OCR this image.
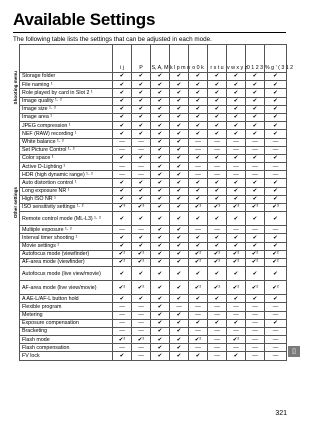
Available Settings
The following table lists the settings that can be adjusted in each mode.
Shooting menu
Other settings
	i j	P	S, A, M	k l p m n	o 0 k	r s t u	v w x y z	0 1 2 3	% g ' ( 3 1 2
Storage folder	✔	✔	✔	✔	✔	✔	✔	✔	✔
File naming ¹	✔	✔	✔	✔	✔	✔	✔	✔	✔
Role played by card in Slot 2 ¹	✔	✔	✔	✔	✔	✔	✔	✔	✔
Image quality ¹· ²	✔	✔	✔	✔	✔	✔	✔	✔	✔
Image size ¹· ²	✔	✔	✔	✔	✔	✔	✔	✔	✔
Image area ¹	✔	✔	✔	✔	✔	✔	✔	✔	✔
JPEG compression ¹	✔	✔	✔	✔	✔	✔	✔	✔	✔
NEF (RAW) recording ¹	✔	✔	✔	✔	✔	✔	✔	✔	✔
White balance ¹· ²	—	—	✔	✔	—	—	—	—	—
Set Picture Control ¹· ²	—	—	✔	✔	—	—	—	—	—
Color space ¹	✔	✔	✔	✔	✔	✔	✔	✔	✔
Active D-Lighting ¹	—	—	✔	✔	—	—	—	—	—
HDR (high dynamic range) ¹· ²	—	—	✔	✔	—	—	—	—	—
Auto distortion control ¹	✔	✔	✔	✔	✔	✔	✔	✔	✔
Long exposure NR ¹	✔	✔	✔	✔	✔	✔	✔	✔	✔
High ISO NR ¹	✔	✔	✔	✔	✔	✔	✔	✔	✔
ISO sensitivity settings ¹· ²	✔³	✔³	✔	✔	✔³	✔³	✔³	✔³	✔³
Remote control mode (ML-L3) ¹· ²	✔	✔	✔	✔	✔	✔	✔	✔	✔
Multiple exposure ¹· ²	—	—	✔	✔	—	—	—	—	—
Interval timer shooting ¹	✔	✔	✔	✔	✔	✔	✔	✔	✔
Movie settings ¹	✔	✔	✔	✔	✔	✔	✔	✔	✔
Autofocus mode (viewfinder)	✔²	✔²	✔	✔	✔²	✔²	✔²	✔²	✔²
AF-area mode (viewfinder)	✔²	✔²	✔	✔	✔²	✔²	✔²	✔²	✔²
Autofocus mode (live view/movie)	✔	✔	✔	✔	✔	✔	✔	✔	✔
AF-area mode (live view/movie)	✔²	✔²	✔	✔	✔²	✔²	✔²	✔²	✔²
A AE-L/AF-L button hold	✔	✔	✔	✔	✔	✔	✔	✔	✔
Flexible program	—	—	✔	—	—	—	—	—	—
Metering	—	—	✔	✔	—	—	—	—	—
Exposure compensation	—	—	✔	✔	✔	✔	✔	—	✔
Bracketing	—	—	✔	✔	—	—	—	—	—
Flash mode	✔²	✔²	✔	✔	✔²	—	✔²	—	—
Flash compensation	—	—	✔	✔	—	—	—	—	—
FV lock	✔	—	✔	✔	✔	—	✔	—	—
▯
321
